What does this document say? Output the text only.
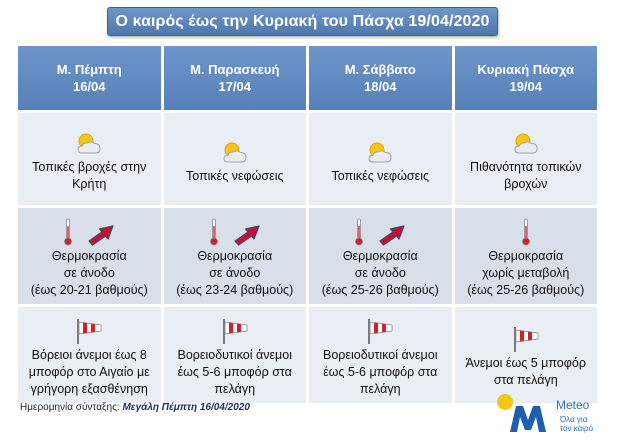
Ο καιρός έως την Κυριακή του Πάσχα 19/04/2020
Μ. Πέμπτη
16/04
Μ. Παρασκευή
17/04
Μ. Σάββατο
18/04
Κυριακή Πάσχα
19/04
Τοπικές βροχές στην
Κρήτη
Τοπικές νεφώσεις	Τοπικές νεφώσεις
Πιθανότητα τοπικών
βροχών
Θερμοκρασία
σε άνοδο
(έως 20-21 βαθμούς)
Θερμοκρασία
σε άνοδο
(έως 23-24 βαθμούς)
Θερμοκρασία
σε άνοδο
(έως 25-26 βαθμούς)
Θερμοκρασία
χωρίς μεταβολή
(έως 25-26 βαθμούς)
Βόρειοι άνεμοι έως 8
μποφόρ στο Αιγαίο με
γρήγορη εξασθένηση
Βορειοδυτικοί άνεμοι
έως 5-6 μποφόρ στα
πελάγη
Βορειοδυτικοί άνεμοι
έως 5-6 μποφόρ στα
πελάγη
Άνεμοι έως 5 μποφόρ
στα πελάγη
Ημερομηνία σύνταξης: Μεγάλη Πέμπτη 16/04/2020	Meteo
Όλα για
τον καιρό
